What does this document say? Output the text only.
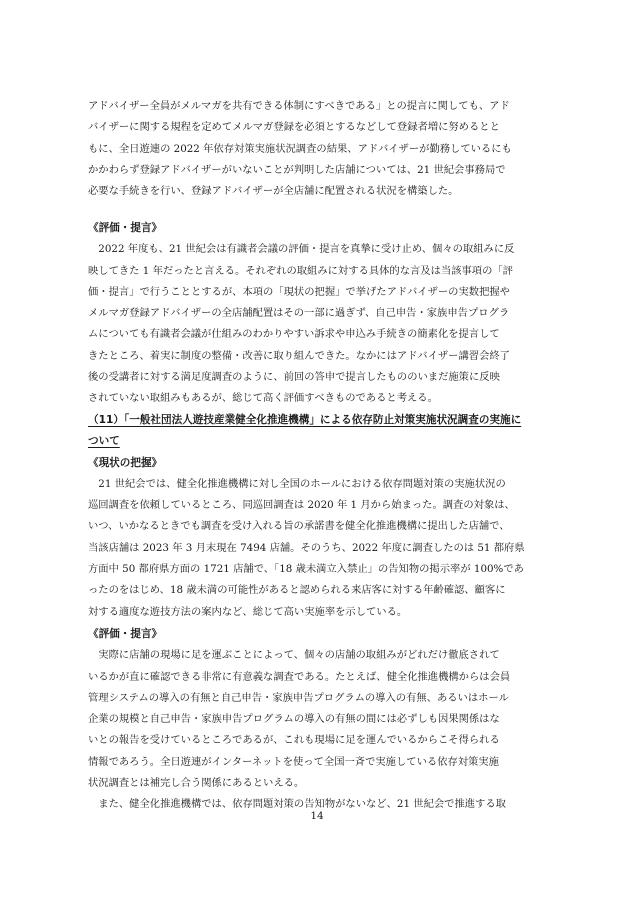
アドバイザー全員がメルマガを共有できる体制にすべきである」との提言に関しても、アド
バイザーに関する規程を定めてメルマガ登録を必須とするなどして登録者増に努めるとと
もに、全日遊連の 2022 年依存対策実施状況調査の結果、アドバイザーが勤務しているにも
かかわらず登録アドバイザーがいないことが判明した店舗については、21 世紀会事務局で
必要な手続きを行い、登録アドバイザーが全店舗に配置される状況を構築した。
《評価・提言》
　2022 年度も、21 世紀会は有識者会議の評価・提言を真摯に受け止め、個々の取組みに反
映してきた 1 年だったと言える。それぞれの取組みに対する具体的な言及は当該事項の「評
価・提言」で行うこととするが、本項の「現状の把握」で挙げたアドバイザーの実数把握や
メルマガ登録アドバイザーの全店舗配置はその一部に過ぎず、自己申告・家族申告プログラ
ムについても有識者会議が仕組みのわかりやすい訴求や申込み手続きの簡素化を提言して
きたところ、着実に制度の整備・改善に取り組んできた。なかにはアドバイザー講習会終了
後の受講者に対する満足度調査のように、前回の答申で提言したもののいまだ施策に反映
されていない取組みもあるが、総じて高く評価すべきものであると考える。
（11）「一般社団法人遊技産業健全化推進機構」による依存防止対策実施状況調査の実施に
ついて
《現状の把握》
　21 世紀会では、健全化推進機構に対し全国のホールにおける依存問題対策の実施状況の
巡回調査を依頼しているところ、同巡回調査は 2020 年 1 月から始まった。調査の対象は、
いつ、いかなるときでも調査を受け入れる旨の承諾書を健全化推進機構に提出した店舗で、
当該店舗は 2023 年 3 月末現在 7494 店舗。そのうち、2022 年度に調査したのは 51 都府県
方面中 50 都府県方面の 1721 店舗で、「18 歳未満立入禁止」の告知物の掲示率が 100%であ
ったのをはじめ、18 歳未満の可能性があると認められる来店客に対する年齢確認、顧客に
対する適度な遊技方法の案内など、総じて高い実施率を示している。
《評価・提言》
　実際に店舗の現場に足を運ぶことによって、個々の店舗の取組みがどれだけ徹底されて
いるかが直に確認できる非常に有意義な調査である。たとえば、健全化推進機構からは会員
管理システムの導入の有無と自己申告・家族申告プログラムの導入の有無、あるいはホール
企業の規模と自己申告・家族申告プログラムの導入の有無の間には必ずしも因果関係はな
いとの報告を受けているところであるが、これも現場に足を運んでいるからこそ得られる
情報であろう。全日遊連がインターネットを使って全国一斉で実施している依存対策実施
状況調査とは補完し合う関係にあるといえる。
　また、健全化推進機構では、依存問題対策の告知物がないなど、21 世紀会で推進する取
14
